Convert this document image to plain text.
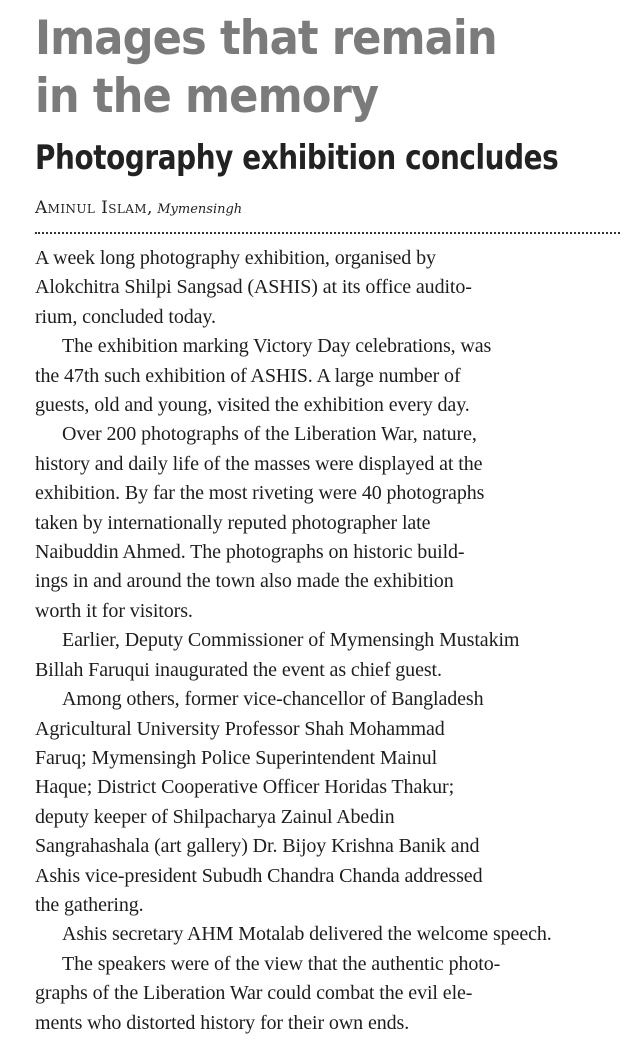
Images that remain
in the memory
Photography exhibition concludes
Aminul Islam, Mymensingh

A week long photography exhibition, organised by
Alokchitra Shilpi Sangsad (ASHIS) at its office audito-
rium, concluded today.

The exhibition marking Victory Day celebrations, was
the 47th such exhibition of ASHIS. A large number of
guests, old and young, visited the exhibition every day.

Over 200 photographs of the Liberation War, nature,
history and daily life of the masses were displayed at the
exhibition. By far the most riveting were 40 photographs
taken by internationally reputed photographer late
Naibuddin Ahmed. The photographs on historic build-
ings in and around the town also made the exhibition
worth it for visitors.

Earlier, Deputy Commissioner of Mymensingh Mustakim
Billah Faruqui inaugurated the event as chief guest.

Among others, former vice-chancellor of Bangladesh
Agricultural University Professor Shah Mohammad
Faruq; Mymensingh Police Superintendent Mainul
Haque; District Cooperative Officer Horidas Thakur;
deputy keeper of Shilpacharya Zainul Abedin
Sangrahashala (art gallery) Dr. Bijoy Krishna Banik and
Ashis vice-president Subudh Chandra Chanda addressed
the gathering.

Ashis secretary AHM Motalab delivered the welcome speech.

The speakers were of the view that the authentic photo-
graphs of the Liberation War could combat the evil ele-
ments who distorted history for their own ends.
